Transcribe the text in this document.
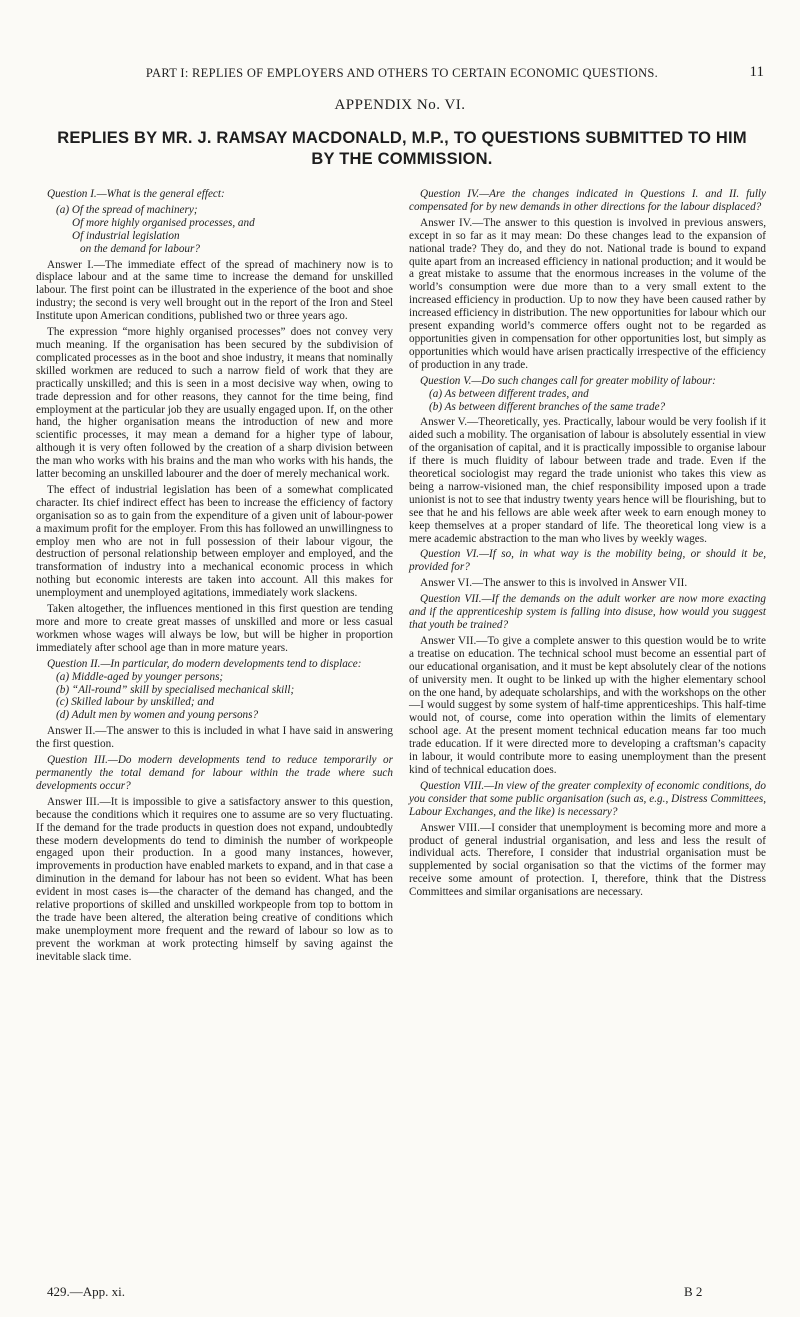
PART I: REPLIES OF EMPLOYERS AND OTHERS TO CERTAIN ECONOMIC QUESTIONS.	11
APPENDIX No. VI.
REPLIES BY MR. J. RAMSAY MACDONALD, M.P., TO QUESTIONS SUBMITTED TO HIM BY THE COMMISSION.

Question I.—What is the general effect:

(a) Of the spread of machinery;

Of more highly organised processes, and

Of industrial legislation

on the demand for labour?

Answer I.—The immediate effect of the spread of machinery now is to displace labour and at the same time to increase the demand for unskilled labour. The first point can be illustrated in the experience of the boot and shoe industry; the second is very well brought out in the report of the Iron and Steel Institute upon American conditions, published two or three years ago.

The expression “more highly organised processes” does not convey very much meaning. If the organisation has been secured by the subdivision of complicated processes as in the boot and shoe industry, it means that nominally skilled workmen are reduced to such a narrow field of work that they are practically unskilled; and this is seen in a most decisive way when, owing to trade depression and for other reasons, they cannot for the time being, find employment at the particular job they are usually engaged upon. If, on the other hand, the higher organisation means the introduction of new and more scientific processes, it may mean a demand for a higher type of labour, although it is very often followed by the creation of a sharp division between the man who works with his brains and the man who works with his hands, the latter becoming an unskilled labourer and the doer of merely mechanical work.

The effect of industrial legislation has been of a somewhat complicated character. Its chief indirect effect has been to increase the efficiency of factory organisation so as to gain from the expenditure of a given unit of labour-power a maximum profit for the employer. From this has followed an unwillingness to employ men who are not in full possession of their labour vigour, the destruction of personal relationship between employer and employed, and the transformation of industry into a mechanical economic process in which nothing but economic interests are taken into account. All this makes for unemployment and unemployed agitations, immediately work slackens.

Taken altogether, the influences mentioned in this first question are tending more and more to create great masses of unskilled and more or less casual workmen whose wages will always be low, but will be higher in proportion immediately after school age than in more mature years.

Question II.—In particular, do modern developments tend to displace:

(a) Middle-aged by younger persons;

(b) “All-round” skill by specialised mechanical skill;

(c) Skilled labour by unskilled; and

(d) Adult men by women and young persons?

Answer II.—The answer to this is included in what I have said in answering the first question.

Question III.—Do modern developments tend to reduce temporarily or permanently the total demand for labour within the trade where such developments occur?

Answer III.—It is impossible to give a satisfactory answer to this question, because the conditions which it requires one to assume are so very fluctuating. If the demand for the trade products in question does not expand, undoubtedly these modern developments do tend to diminish the number of workpeople engaged upon their production. In a good many instances, however, improvements in production have enabled markets to expand, and in that case a diminution in the demand for labour has not been so evident. What has been evident in most cases is—the character of the demand has changed, and the relative proportions of skilled and unskilled workpeople from top to bottom in the trade have been altered, the alteration being creative of conditions which make unemployment more frequent and the reward of labour so low as to prevent the workman at work protecting himself by saving against the inevitable slack time.

Question IV.—Are the changes indicated in Questions I. and II. fully compensated for by new demands in other directions for the labour displaced?

Answer IV.—The answer to this question is involved in previous answers, except in so far as it may mean: Do these changes lead to the expansion of national trade? They do, and they do not. National trade is bound to expand quite apart from an increased efficiency in national production; and it would be a great mistake to assume that the enormous increases in the volume of the world’s consumption were due more than to a very small extent to the increased efficiency in production. Up to now they have been caused rather by increased efficiency in distribution. The new opportunities for labour which our present expanding world’s commerce offers ought not to be regarded as opportunities given in compensation for other opportunities lost, but simply as opportunities which would have arisen practically irrespective of the efficiency of production in any trade.

Question V.—Do such changes call for greater mobility of labour:

(a) As between different trades, and

(b) As between different branches of the same trade?

Answer V.—Theoretically, yes. Practically, labour would be very foolish if it aided such a mobility. The organisation of labour is absolutely essential in view of the organisation of capital, and it is practically impossible to organise labour if there is much fluidity of labour between trade and trade. Even if the theoretical sociologist may regard the trade unionist who takes this view as being a narrow-visioned man, the chief responsibility imposed upon a trade unionist is not to see that industry twenty years hence will be flourishing, but to see that he and his fellows are able week after week to earn enough money to keep themselves at a proper standard of life. The theoretical long view is a mere academic abstraction to the man who lives by weekly wages.

Question VI.—If so, in what way is the mobility being, or should it be, provided for?

Answer VI.—The answer to this is involved in Answer VII.

Question VII.—If the demands on the adult worker are now more exacting and if the apprenticeship system is falling into disuse, how would you suggest that youth be trained?

Answer VII.—To give a complete answer to this question would be to write a treatise on education. The technical school must become an essential part of our educational organisation, and it must be kept absolutely clear of the notions of university men. It ought to be linked up with the higher elementary school on the one hand, by adequate scholarships, and with the workshops on the other—I would suggest by some system of half-time apprenticeships. This half-time would not, of course, come into operation within the limits of elementary school age. At the present moment technical education means far too much trade education. If it were directed more to developing a craftsman’s capacity in labour, it would contribute more to easing unemployment than the present kind of technical education does.

Question VIII.—In view of the greater complexity of economic conditions, do you consider that some public organisation (such as, e.g., Distress Committees, Labour Exchanges, and the like) is necessary?

Answer VIII.—I consider that unemployment is becoming more and more a product of general industrial organisation, and less and less the result of individual acts. Therefore, I consider that industrial organisation must be supplemented by social organisation so that the victims of the former may receive some amount of protection. I, therefore, think that the Distress Committees and similar organisations are necessary.

429.—App. xi.	B 2
